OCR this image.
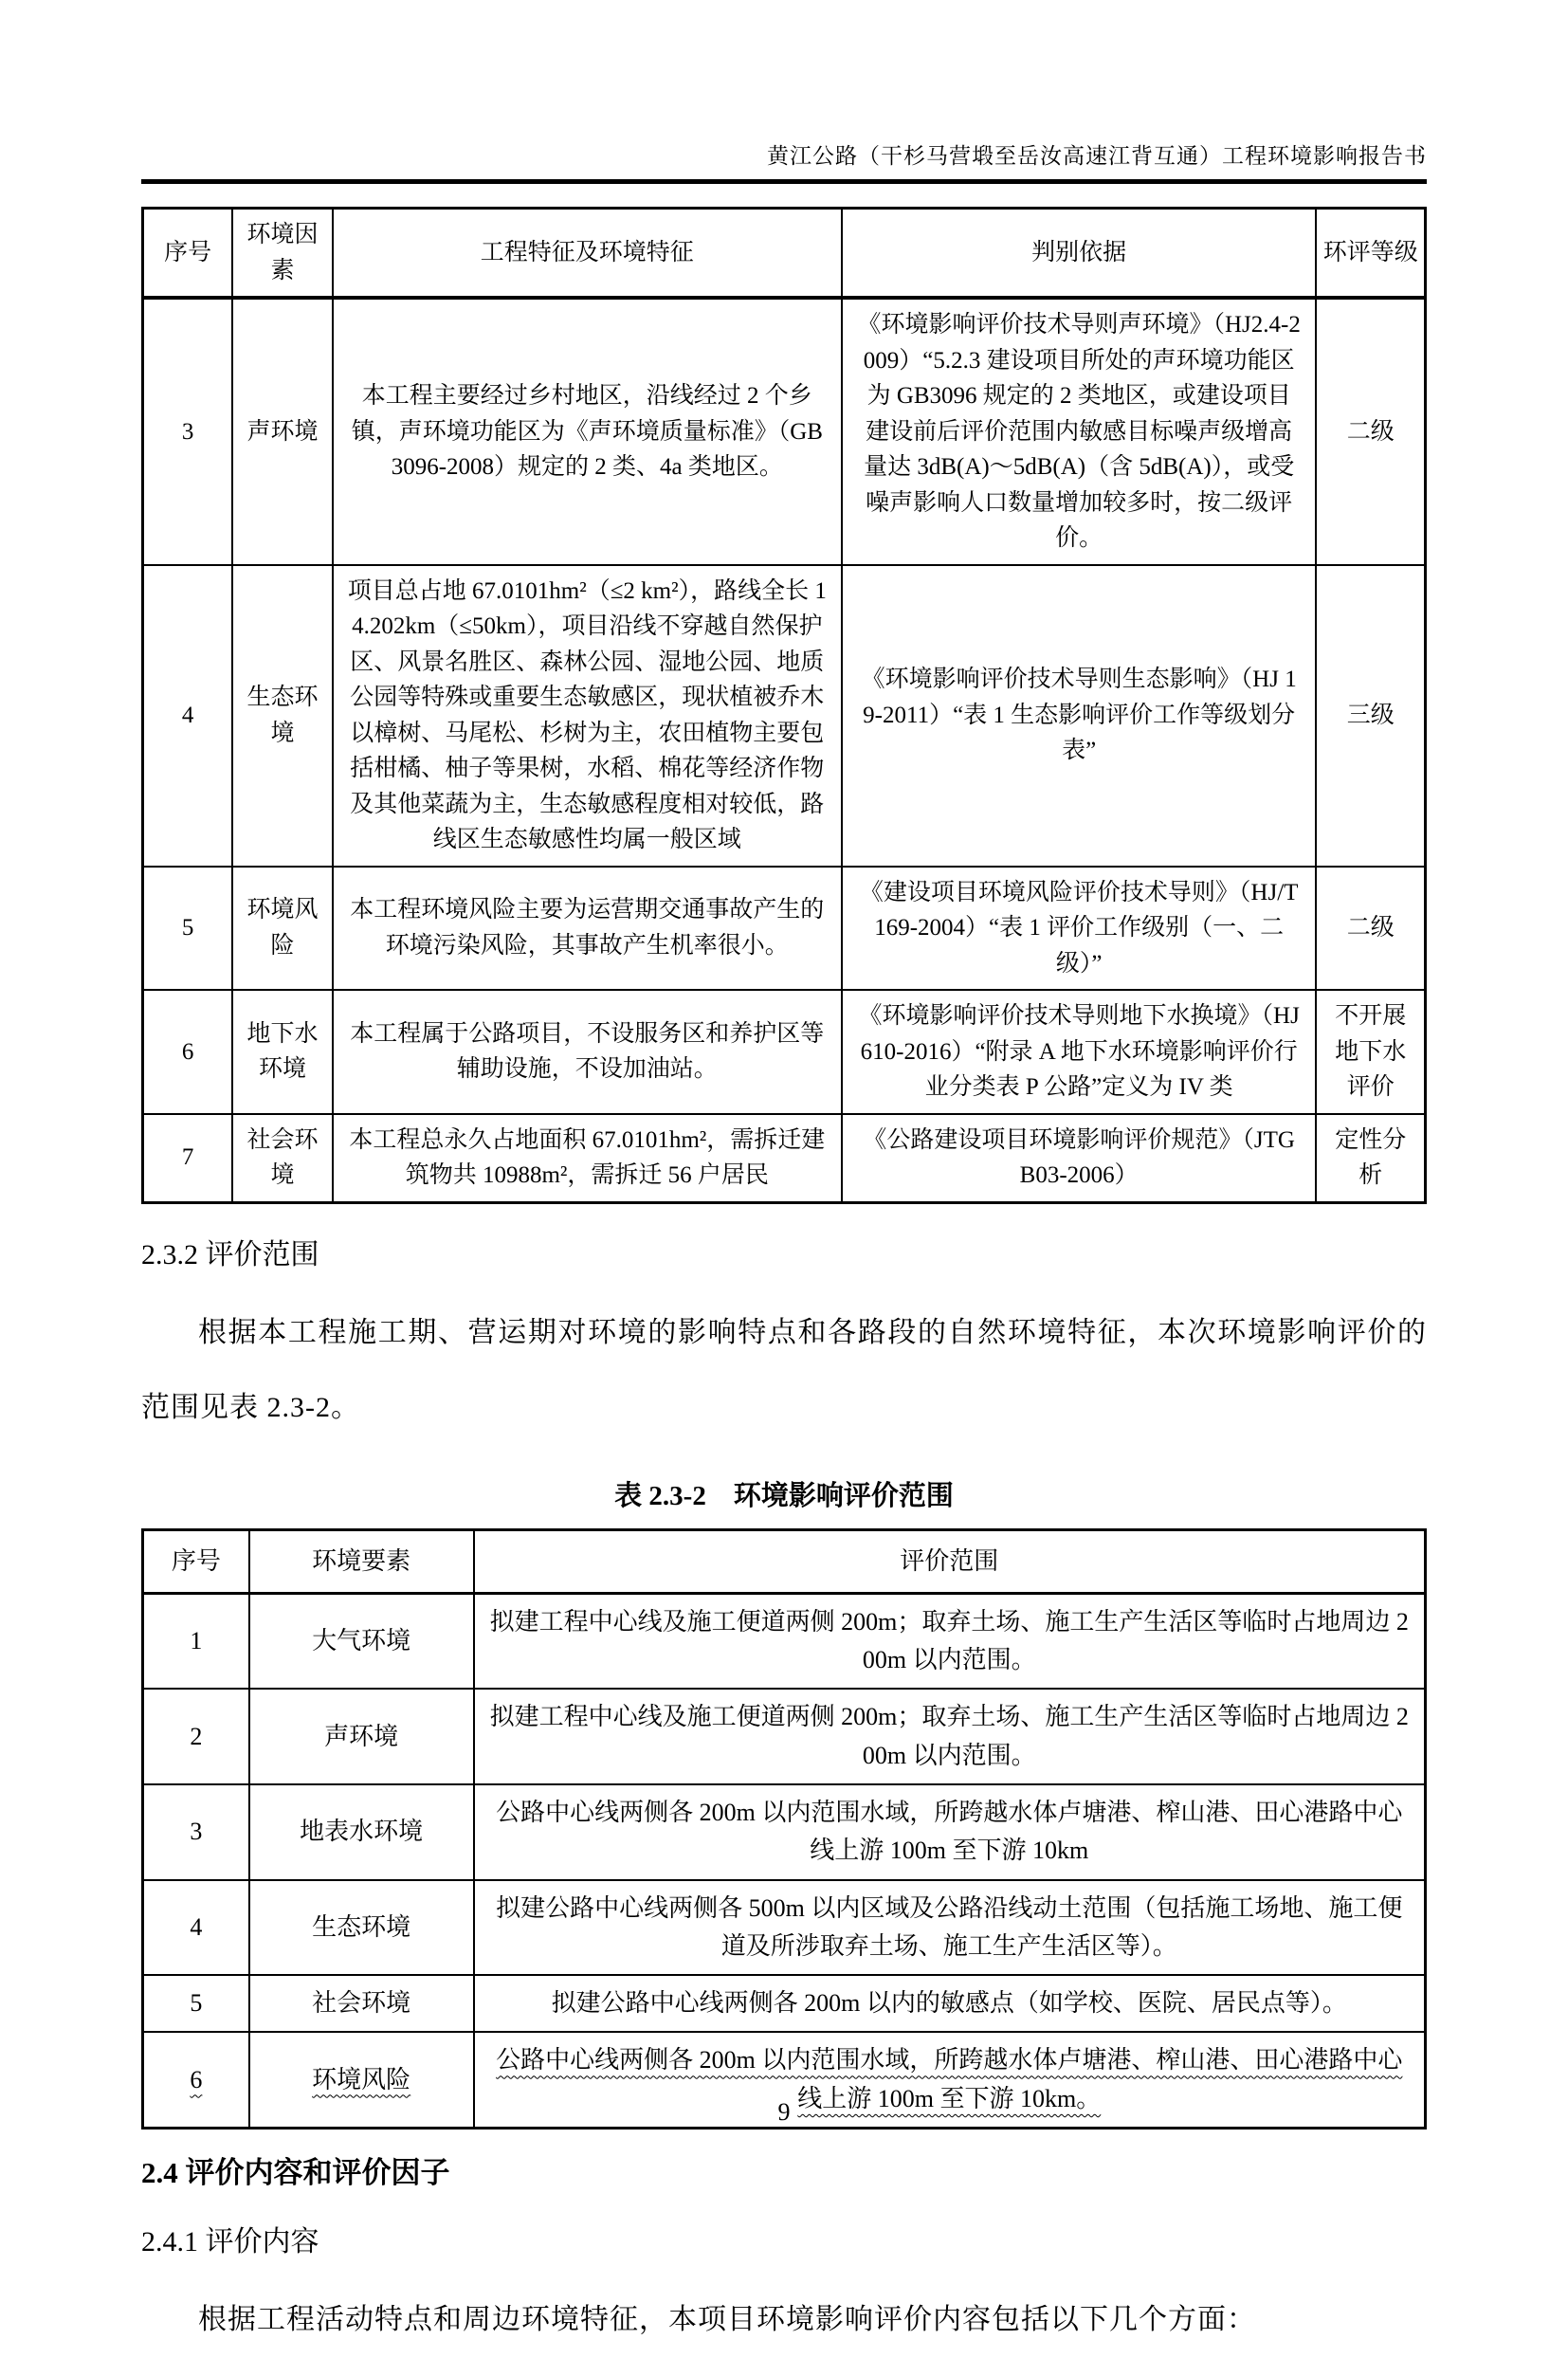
黄江公路（干杉马营塅至岳汝高速江背互通）工程环境影响报告书
序号	环境因素	工程特征及环境特征	判别依据	环评等级
3	声环境	本工程主要经过乡村地区，沿线经过 2 个乡镇，声环境功能区为《声环境质量标准》（GB3096-2008）规定的 2 类、4a 类地区。	《环境影响评价技术导则声环境》（HJ2.4-2009）“5.2.3 建设项目所处的声环境功能区为 GB3096 规定的 2 类地区，或建设项目建设前后评价范围内敏感目标噪声级增高量达 3dB(A)～5dB(A)（含 5dB(A)），或受噪声影响人口数量增加较多时，按二级评价。	二级
4	生态环境	项目总占地 67.0101hm²（≤2 km²），路线全长 14.202km（≤50km），项目沿线不穿越自然保护区、风景名胜区、森林公园、湿地公园、地质公园等特殊或重要生态敏感区，现状植被乔木以樟树、马尾松、杉树为主，农田植物主要包括柑橘、柚子等果树，水稻、棉花等经济作物及其他菜蔬为主，生态敏感程度相对较低，路线区生态敏感性均属一般区域	《环境影响评价技术导则生态影响》（HJ 19-2011）“表 1 生态影响评价工作等级划分表”	三级
5	环境风险	本工程环境风险主要为运营期交通事故产生的环境污染风险，其事故产生机率很小。	《建设项目环境风险评价技术导则》（HJ/T 169-2004）“表 1 评价工作级别（一、二级）”	二级
6	地下水环境	本工程属于公路项目，不设服务区和养护区等辅助设施，不设加油站。	《环境影响评价技术导则地下水换境》（HJ 610-2016）“附录 A 地下水环境影响评价行业分类表 P 公路”定义为 IV 类	不开展地下水评价
7	社会环境	本工程总永久占地面积 67.0101hm²，需拆迁建筑物共 10988m²，需拆迁 56 户居民	《公路建设项目环境影响评价规范》（JTG B03-2006）	定性分析
2.3.2 评价范围
根据本工程施工期、营运期对环境的影响特点和各路段的自然环境特征，本次环境影响评价的范围见表 2.3-2。
表 2.3-2　环境影响评价范围
序号	环境要素	评价范围
1	大气环境	拟建工程中心线及施工便道两侧 200m；取弃土场、施工生产生活区等临时占地周边 200m 以内范围。
2	声环境	拟建工程中心线及施工便道两侧 200m；取弃土场、施工生产生活区等临时占地周边 200m 以内范围。
3	地表水环境	公路中心线两侧各 200m 以内范围水域，所跨越水体卢塘港、榨山港、田心港路中心线上游 100m 至下游 10km
4	生态环境	拟建公路中心线两侧各 500m 以内区域及公路沿线动土范围（包括施工场地、施工便道及所涉取弃土场、施工生产生活区等）。
5	社会环境	拟建公路中心线两侧各 200m 以内的敏感点（如学校、医院、居民点等）。
6	环境风险	公路中心线两侧各 200m 以内范围水域，所跨越水体卢塘港、榨山港、田心港路中心线上游 100m 至下游 10km。
2.4 评价内容和评价因子
2.4.1 评价内容
根据工程活动特点和周边环境特征，本项目环境影响评价内容包括以下几个方面：
9
